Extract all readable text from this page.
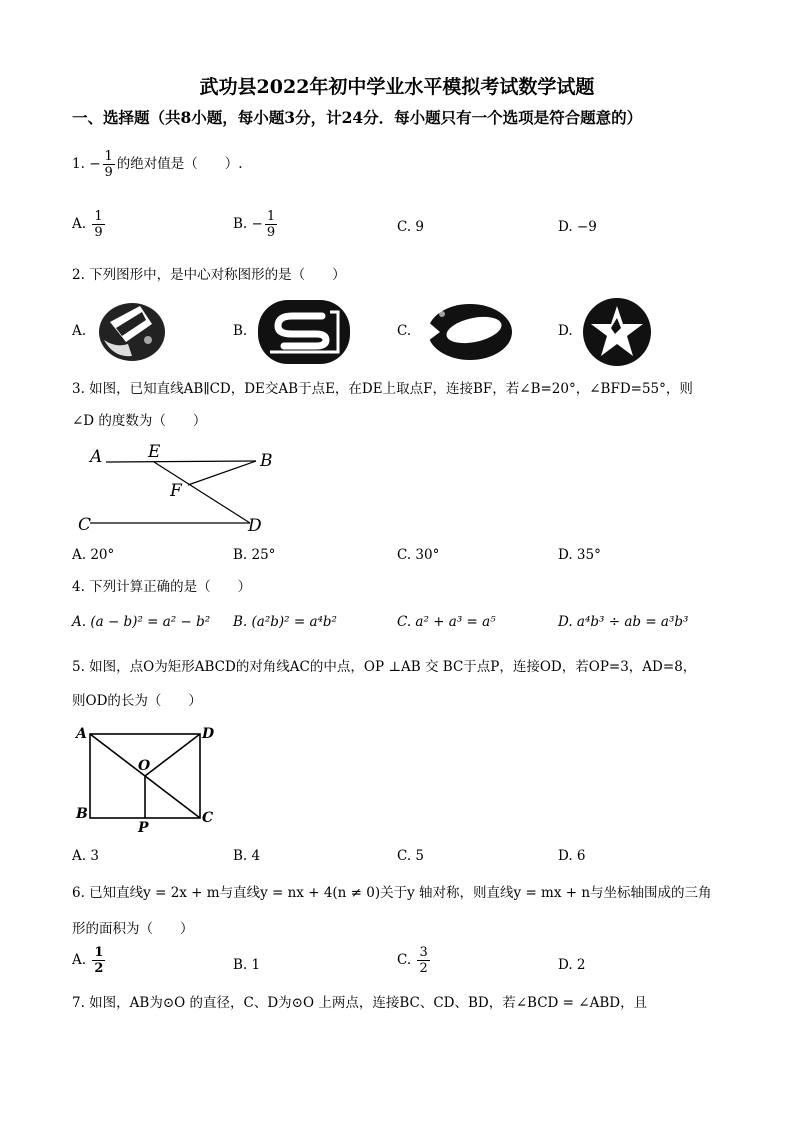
武功县2022年初中学业水平模拟考试数学试题
一、选择题（共8小题，每小题3分，计24分．每小题只有一个选项是符合题意的）
1. − $\frac{1}{9}$ 的绝对值是（　　）.
A. $\frac{1}{9}$	B. − $\frac{1}{9}$	C. 9	D. −9
2. 下列图形中，是中心对称图形的是（　　）
A.	B.	C.	D.
3. 如图，已知直线AB∥CD，DE交AB于点E，在DE上取点F，连接BF，若∠B=20°，∠BFD=55°，则
∠D 的度数为（　　）
A	E	B
F
C	D
A. 20°	B. 25°	C. 30°	D. 35°
4. 下列计算正确的是（　　）
A. (a − b)² = a² − b² B. (a²b)² = a⁴b²	C. a² + a³ = a⁵	D. a⁴b³ ÷ ab = a³b³
5. 如图，点O为矩形ABCD的对角线AC的中点，OP ⊥AB 交 BC于点P，连接OD，若OP=3，AD=8，
则OD的长为（　　）
A	D
O
B
P
C
A. 3	B. 4	C. 5	D. 6
6. 已知直线y = 2x + m与直线y = nx + 4(n ≠ 0)关于y 轴对称，则直线y = mx + n与坐标轴围成的三角
形的面积为（　　）
A. $\frac{1}{2}$	B. 1	C. $\frac{3}{2}$	D. 2
7. 如图，AB为⊙O 的直径，C、D为⊙O 上两点，连接BC、CD、BD，若∠BCD = ∠ABD，且
